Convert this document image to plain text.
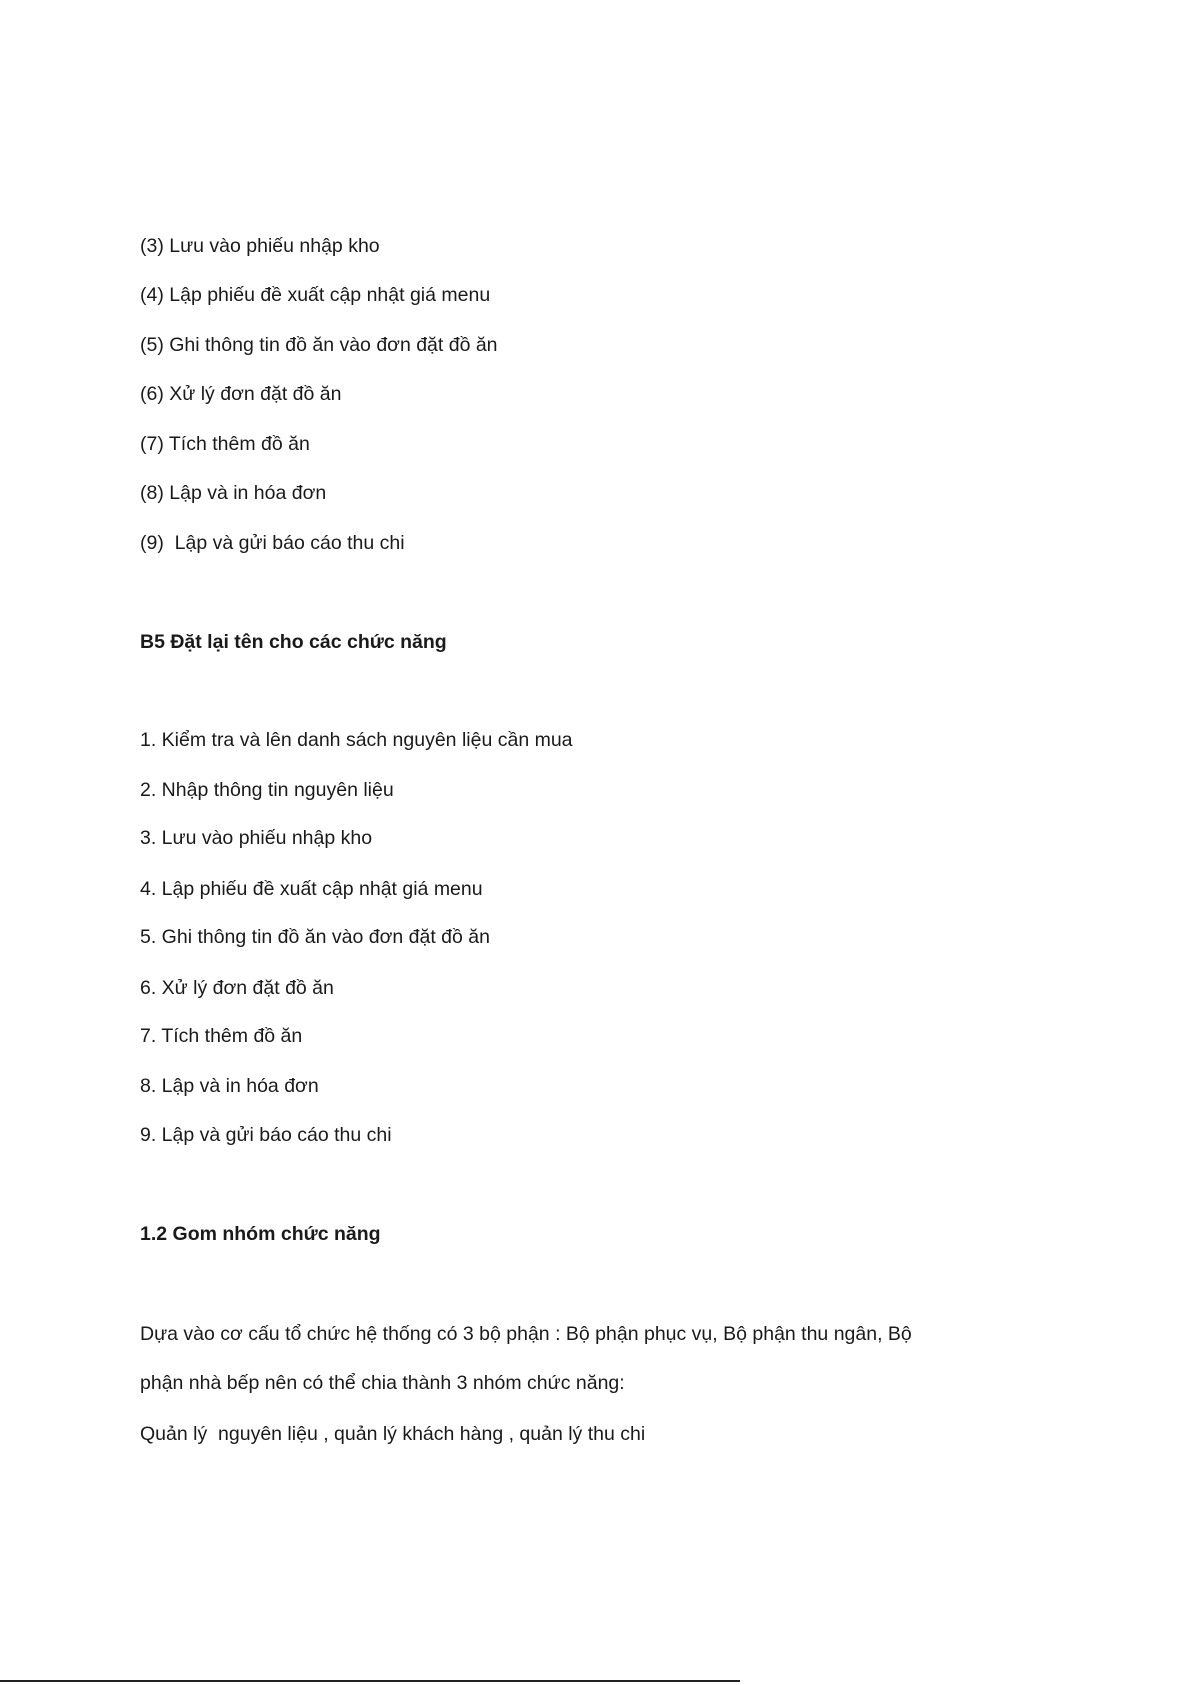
(3) Lưu vào phiếu nhập kho
(4) Lập phiếu đề xuất cập nhật giá menu
(5) Ghi thông tin đồ ăn vào đơn đặt đồ ăn
(6) Xử lý đơn đặt đồ ăn
(7) Tích thêm đồ ăn
(8) Lập và in hóa đơn
(9)  Lập và gửi báo cáo thu chi
B5 Đặt lại tên cho các chức năng
1. Kiểm tra và lên danh sách nguyên liệu cần mua
2. Nhập thông tin nguyên liệu
3. Lưu vào phiếu nhập kho
4. Lập phiếu đề xuất cập nhật giá menu
5. Ghi thông tin đồ ăn vào đơn đặt đồ ăn
6. Xử lý đơn đặt đồ ăn
7. Tích thêm đồ ăn
8. Lập và in hóa đơn
9. Lập và gửi báo cáo thu chi
1.2 Gom nhóm chức năng
Dựa vào cơ cấu tổ chức hệ thống có 3 bộ phận : Bộ phận phục vụ, Bộ phận thu ngân, Bộ
phận nhà bếp nên có thể chia thành 3 nhóm chức năng:
Quản lý  nguyên liệu , quản lý khách hàng , quản lý thu chi
